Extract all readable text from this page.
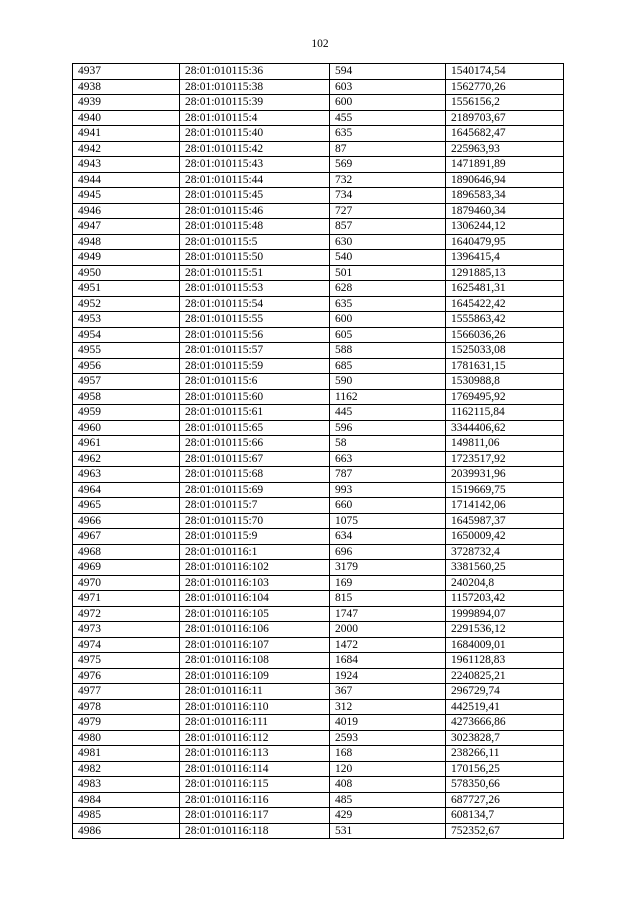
102
4937	28:01:010115:36	594	1540174,54
4938	28:01:010115:38	603	1562770,26
4939	28:01:010115:39	600	1556156,2
4940	28:01:010115:4	455	2189703,67
4941	28:01:010115:40	635	1645682,47
4942	28:01:010115:42	87	225963,93
4943	28:01:010115:43	569	1471891,89
4944	28:01:010115:44	732	1890646,94
4945	28:01:010115:45	734	1896583,34
4946	28:01:010115:46	727	1879460,34
4947	28:01:010115:48	857	1306244,12
4948	28:01:010115:5	630	1640479,95
4949	28:01:010115:50	540	1396415,4
4950	28:01:010115:51	501	1291885,13
4951	28:01:010115:53	628	1625481,31
4952	28:01:010115:54	635	1645422,42
4953	28:01:010115:55	600	1555863,42
4954	28:01:010115:56	605	1566036,26
4955	28:01:010115:57	588	1525033,08
4956	28:01:010115:59	685	1781631,15
4957	28:01:010115:6	590	1530988,8
4958	28:01:010115:60	1162	1769495,92
4959	28:01:010115:61	445	1162115,84
4960	28:01:010115:65	596	3344406,62
4961	28:01:010115:66	58	149811,06
4962	28:01:010115:67	663	1723517,92
4963	28:01:010115:68	787	2039931,96
4964	28:01:010115:69	993	1519669,75
4965	28:01:010115:7	660	1714142,06
4966	28:01:010115:70	1075	1645987,37
4967	28:01:010115:9	634	1650009,42
4968	28:01:010116:1	696	3728732,4
4969	28:01:010116:102	3179	3381560,25
4970	28:01:010116:103	169	240204,8
4971	28:01:010116:104	815	1157203,42
4972	28:01:010116:105	1747	1999894,07
4973	28:01:010116:106	2000	2291536,12
4974	28:01:010116:107	1472	1684009,01
4975	28:01:010116:108	1684	1961128,83
4976	28:01:010116:109	1924	2240825,21
4977	28:01:010116:11	367	296729,74
4978	28:01:010116:110	312	442519,41
4979	28:01:010116:111	4019	4273666,86
4980	28:01:010116:112	2593	3023828,7
4981	28:01:010116:113	168	238266,11
4982	28:01:010116:114	120	170156,25
4983	28:01:010116:115	408	578350,66
4984	28:01:010116:116	485	687727,26
4985	28:01:010116:117	429	608134,7
4986	28:01:010116:118	531	752352,67
